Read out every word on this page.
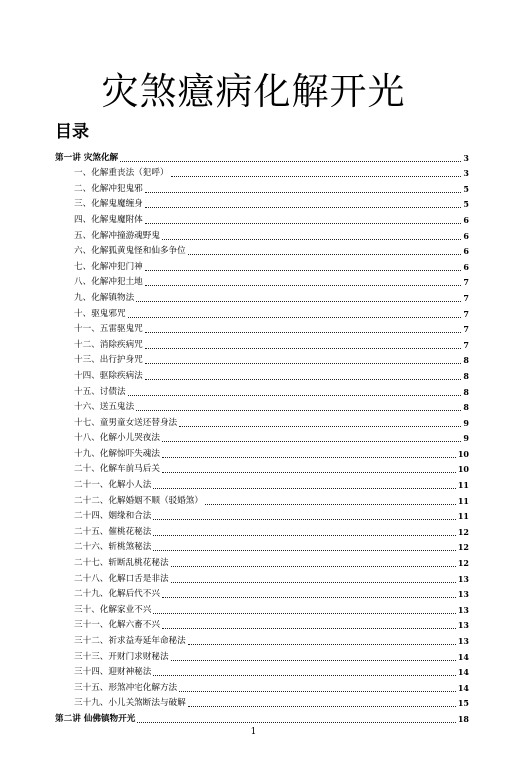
灾煞癔病化解开光
目录
第一讲 灾煞化解	3
一、化解重丧法（犯呼）	3
二、化解冲犯鬼邪	5
三、化解鬼魔缠身	5
四、化解鬼魔附体	6
五、化解冲撞游魂野鬼	6
六、化解狐黄鬼怪和仙多争位	6
七、化解冲犯门神	6
八、化解冲犯土地	7
九、化解镇物法	7
十、驱鬼邪咒	7
十一、五雷驱鬼咒	7
十二、消除疾病咒	7
十三、出行护身咒	8
十四、驱除疾病法	8
十五、讨债法	8
十六、送五鬼法	8
十七、童男童女送还替身法	9
十八、化解小儿哭夜法	9
十九、化解惊吓失魂法	10
二十、化解车前马后关	10
二十一、化解小人法	11
二十二、化解婚姻不顺（驳婚煞）	11
二十四、姻缘和合法	11
二十五、催桃花秘法	12
二十六、斩桃煞秘法	12
二十七、斩断乱桃花秘法	12
二十八、化解口舌是非法	13
二十九、化解后代不兴	13
三十、化解家业不兴	13
三十一、化解六畜不兴	13
三十二、祈求益寿延年命秘法	13
三十三、开财门求财秘法	14
三十四、迎财神秘法	14
三十五、形煞冲宅化解方法	14
三十九、小儿关煞断法与破解	15
第二讲 仙佛镇物开光	18
1
